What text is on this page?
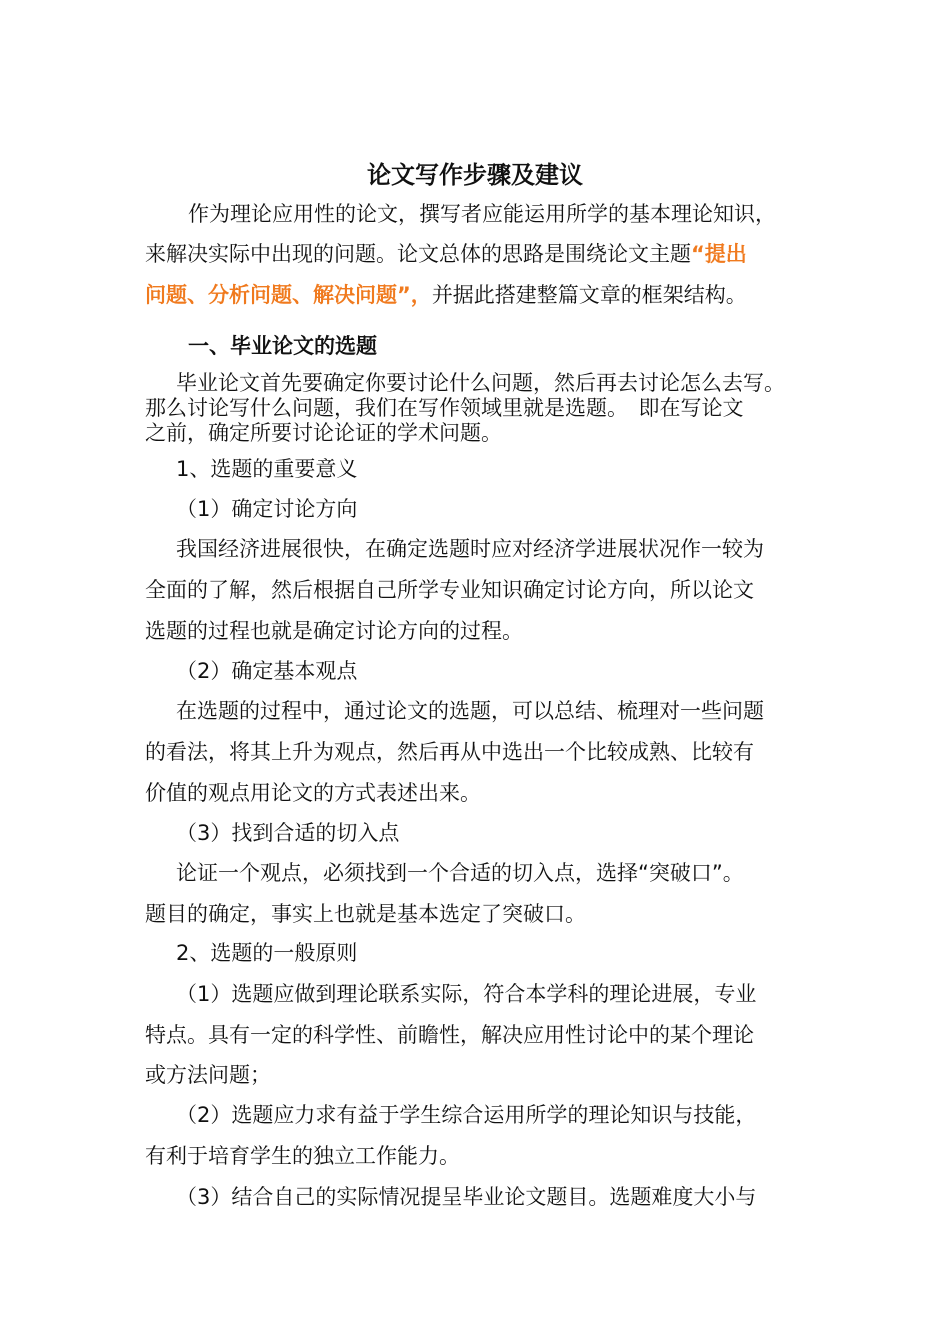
论文写作步骤及建议
作为理论应用性的论文，撰写者应能运用所学的基本理论知识，
来解决实际中出现的问题。论文总体的思路是围绕论文主题“提出
问题、分析问题、解决问题”，并据此搭建整篇文章的框架结构。
一、毕业论文的选题
毕业论文首先要确定你要讨论什么问题，然后再去讨论怎么去写。
那么讨论写什么问题，我们在写作领域里就是选题。　即在写论文
之前，确定所要讨论论证的学术问题。
1、选题的重要意义
（1）确定讨论方向
我国经济进展很快，在确定选题时应对经济学进展状况作一较为
全面的了解，然后根据自己所学专业知识确定讨论方向，所以论文
选题的过程也就是确定讨论方向的过程。
（2）确定基本观点
在选题的过程中，通过论文的选题，可以总结、梳理对一些问题
的看法，将其上升为观点，然后再从中选出一个比较成熟、比较有
价值的观点用论文的方式表述出来。
（3）找到合适的切入点
论证一个观点，必须找到一个合适的切入点，选择“突破口”。
题目的确定，事实上也就是基本选定了突破口。
2、选题的一般原则
（1）选题应做到理论联系实际，符合本学科的理论进展，专业
特点。具有一定的科学性、前瞻性，解决应用性讨论中的某个理论
或方法问题；
（2）选题应力求有益于学生综合运用所学的理论知识与技能，
有利于培育学生的独立工作能力。
（3）结合自己的实际情况提呈毕业论文题目。选题难度大小与
